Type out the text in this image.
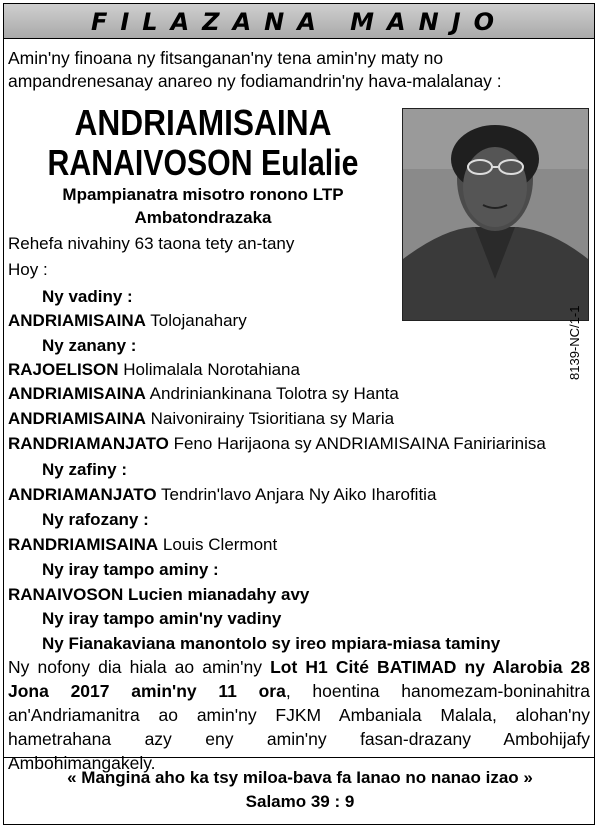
FILAZANA MANJO
Amin'ny finoana ny fitsanganan'ny tena amin'ny maty no ampandrenesanay anareo ny fodiamandrin'ny hava-malalanay :
ANDRIAMISAINA
RANAIVOSON Eulalie
Mpampianatra misotro ronono LTP
Ambatondrazaka
8139-NC/1-1
Rehefa nivahiny 63 taona tety an-tany
Hoy :
Ny vadiny :
ANDRIAMISAINA Tolojanahary
Ny zanany :
RAJOELISON Holimalala Norotahiana
ANDRIAMISAINA Andriniankinana Tolotra sy Hanta
ANDRIAMISAINA Naivonirainy Tsioritiana sy Maria
RANDRIAMANJATO Feno Harijaona sy ANDRIAMISAINA Faniriarinisa
Ny zafiny :
ANDRIAMANJATO Tendrin'lavo Anjara Ny Aiko Iharofitia
Ny rafozany :
RANDRIAMISAINA Louis Clermont
Ny iray tampo aminy :
RANAIVOSON Lucien mianadahy avy
Ny iray tampo amin'ny vadiny
Ny Fianakaviana manontolo sy ireo mpiara-miasa taminy
Ny nofony dia hiala ao amin'ny Lot H1 Cité BATIMAD ny Alarobia 28 Jona 2017 amin'ny 11 ora, hoentina hanomezam-boninahitra an'Andriamanitra ao amin'ny FJKM Ambaniala Malala, alohan'ny hametrahana azy eny amin'ny fasan-drazany Ambohijafy Ambohimangakely.
« Mangina aho ka tsy miloa-bava fa Ianao no nanao izao »
Salamo 39 : 9
